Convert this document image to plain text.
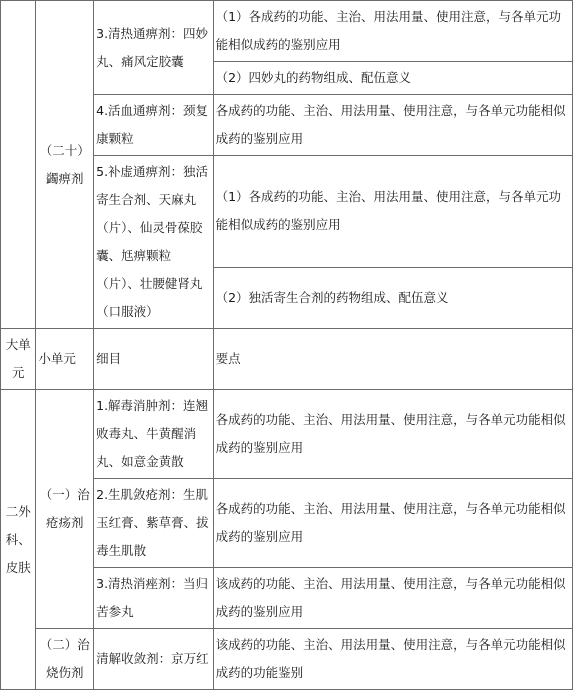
	（二十）蠲痹剂	3.清热通痹剂：四妙丸、痛风定胶囊	（1）各成药的功能、主治、用法用量、使用注意，与各单元功能相似成药的鉴别应用
			（2）四妙丸的药物组成、配伍意义
		4.活血通痹剂：颈复康颗粒	各成药的功能、主治、用法用量、使用注意，与各单元功能相似成药的鉴别应用
		5.补虚通痹剂：独活寄生合剂、天麻丸（片）、仙灵骨葆胶囊、尪痹颗粒（片）、壮腰健肾丸（口服液）	（1）各成药的功能、主治、用法用量、使用注意，与各单元功能相似成药的鉴别应用
			（2）独活寄生合剂的药物组成、配伍意义
大单元	小单元	细目	要点
二外科、皮肤	（一）治疮疡剂	1.解毒消肿剂：连翘败毒丸、牛黄醒消丸、如意金黄散	各成药的功能、主治、用法用量、使用注意，与各单元功能相似成药的鉴别应用
		2.生肌敛疮剂：生肌玉红膏、紫草膏、拔毒生肌散	各成药的功能、主治、用法用量、使用注意，与各单元功能相似成药的鉴别应用
		3.清热消痤剂：当归苦参丸	该成药的功能、主治、用法用量、使用注意，与各单元功能相似成药的鉴别应用
	（二）治烧伤剂	清解收敛剂：京万红	该成药的功能、主治、用法用量、使用注意，与各单元功能相似成药的功能鉴别
